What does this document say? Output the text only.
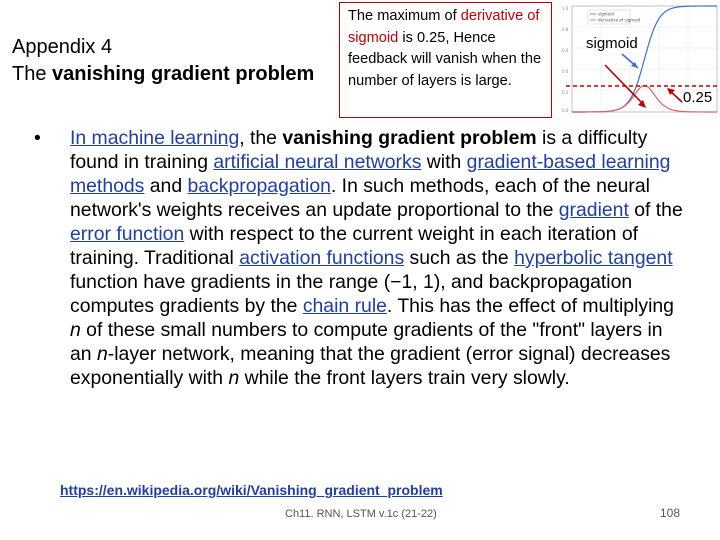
Appendix 4
The vanishing gradient problem
The maximum of derivative of sigmoid is 0.25, Hence feedback will vanish when the number of layers is large.
1.0
0.8
0.6
0.4
0.2
0.0
sigmoid
derivative of sigmoid
sigmoid
0.25
• In machine learning, the vanishing gradient problem is a difficulty found in training artificial neural networks with gradient-based learning methods and backpropagation. In such methods, each of the neural network's weights receives an update proportional to the gradient of the error function with respect to the current weight in each iteration of training. Traditional activation functions such as the hyperbolic tangent function have gradients in the range (−1, 1), and backpropagation computes gradients by the chain rule. This has the effect of multiplying n of these small numbers to compute gradients of the "front" layers in an n-layer network, meaning that the gradient (error signal) decreases exponentially with n while the front layers train very slowly.
https://en.wikipedia.org/wiki/Vanishing_gradient_problem
Ch11. RNN, LSTM v.1c (21-22)	108
